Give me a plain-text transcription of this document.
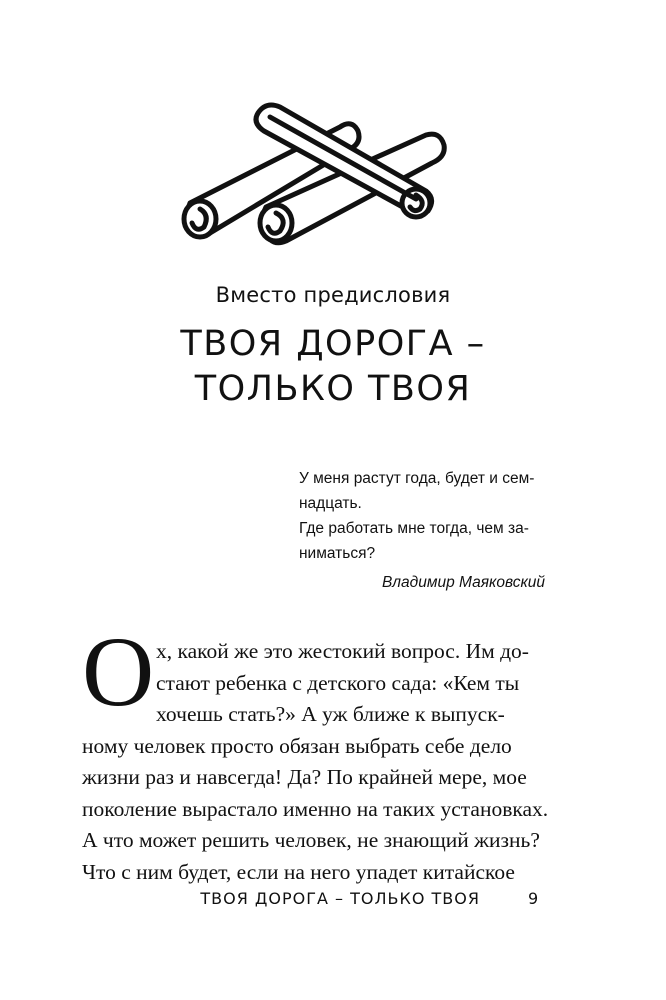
Вместо предисловия
ТВОЯ ДОРОГА –
ТОЛЬКО ТВОЯ
У меня растут года, будет и сем-
надцать.
Где работать мне тогда, чем за-
ниматься?
Владимир Маяковский
О х, какой же это жестокий вопрос. Им до-
стают ребенка с детского сада: «Кем ты
хочешь стать?» А уж ближе к выпуск-
ному человек просто обязан выбрать себе дело
жизни раз и навсегда! Да? По крайней мере, мое
поколение вырастало именно на таких установках.
А что может решить человек, не знающий жизнь?
Что с ним будет, если на него упадет китайское
ТВОЯ ДОРОГА – ТОЛЬКО ТВОЯ	9
